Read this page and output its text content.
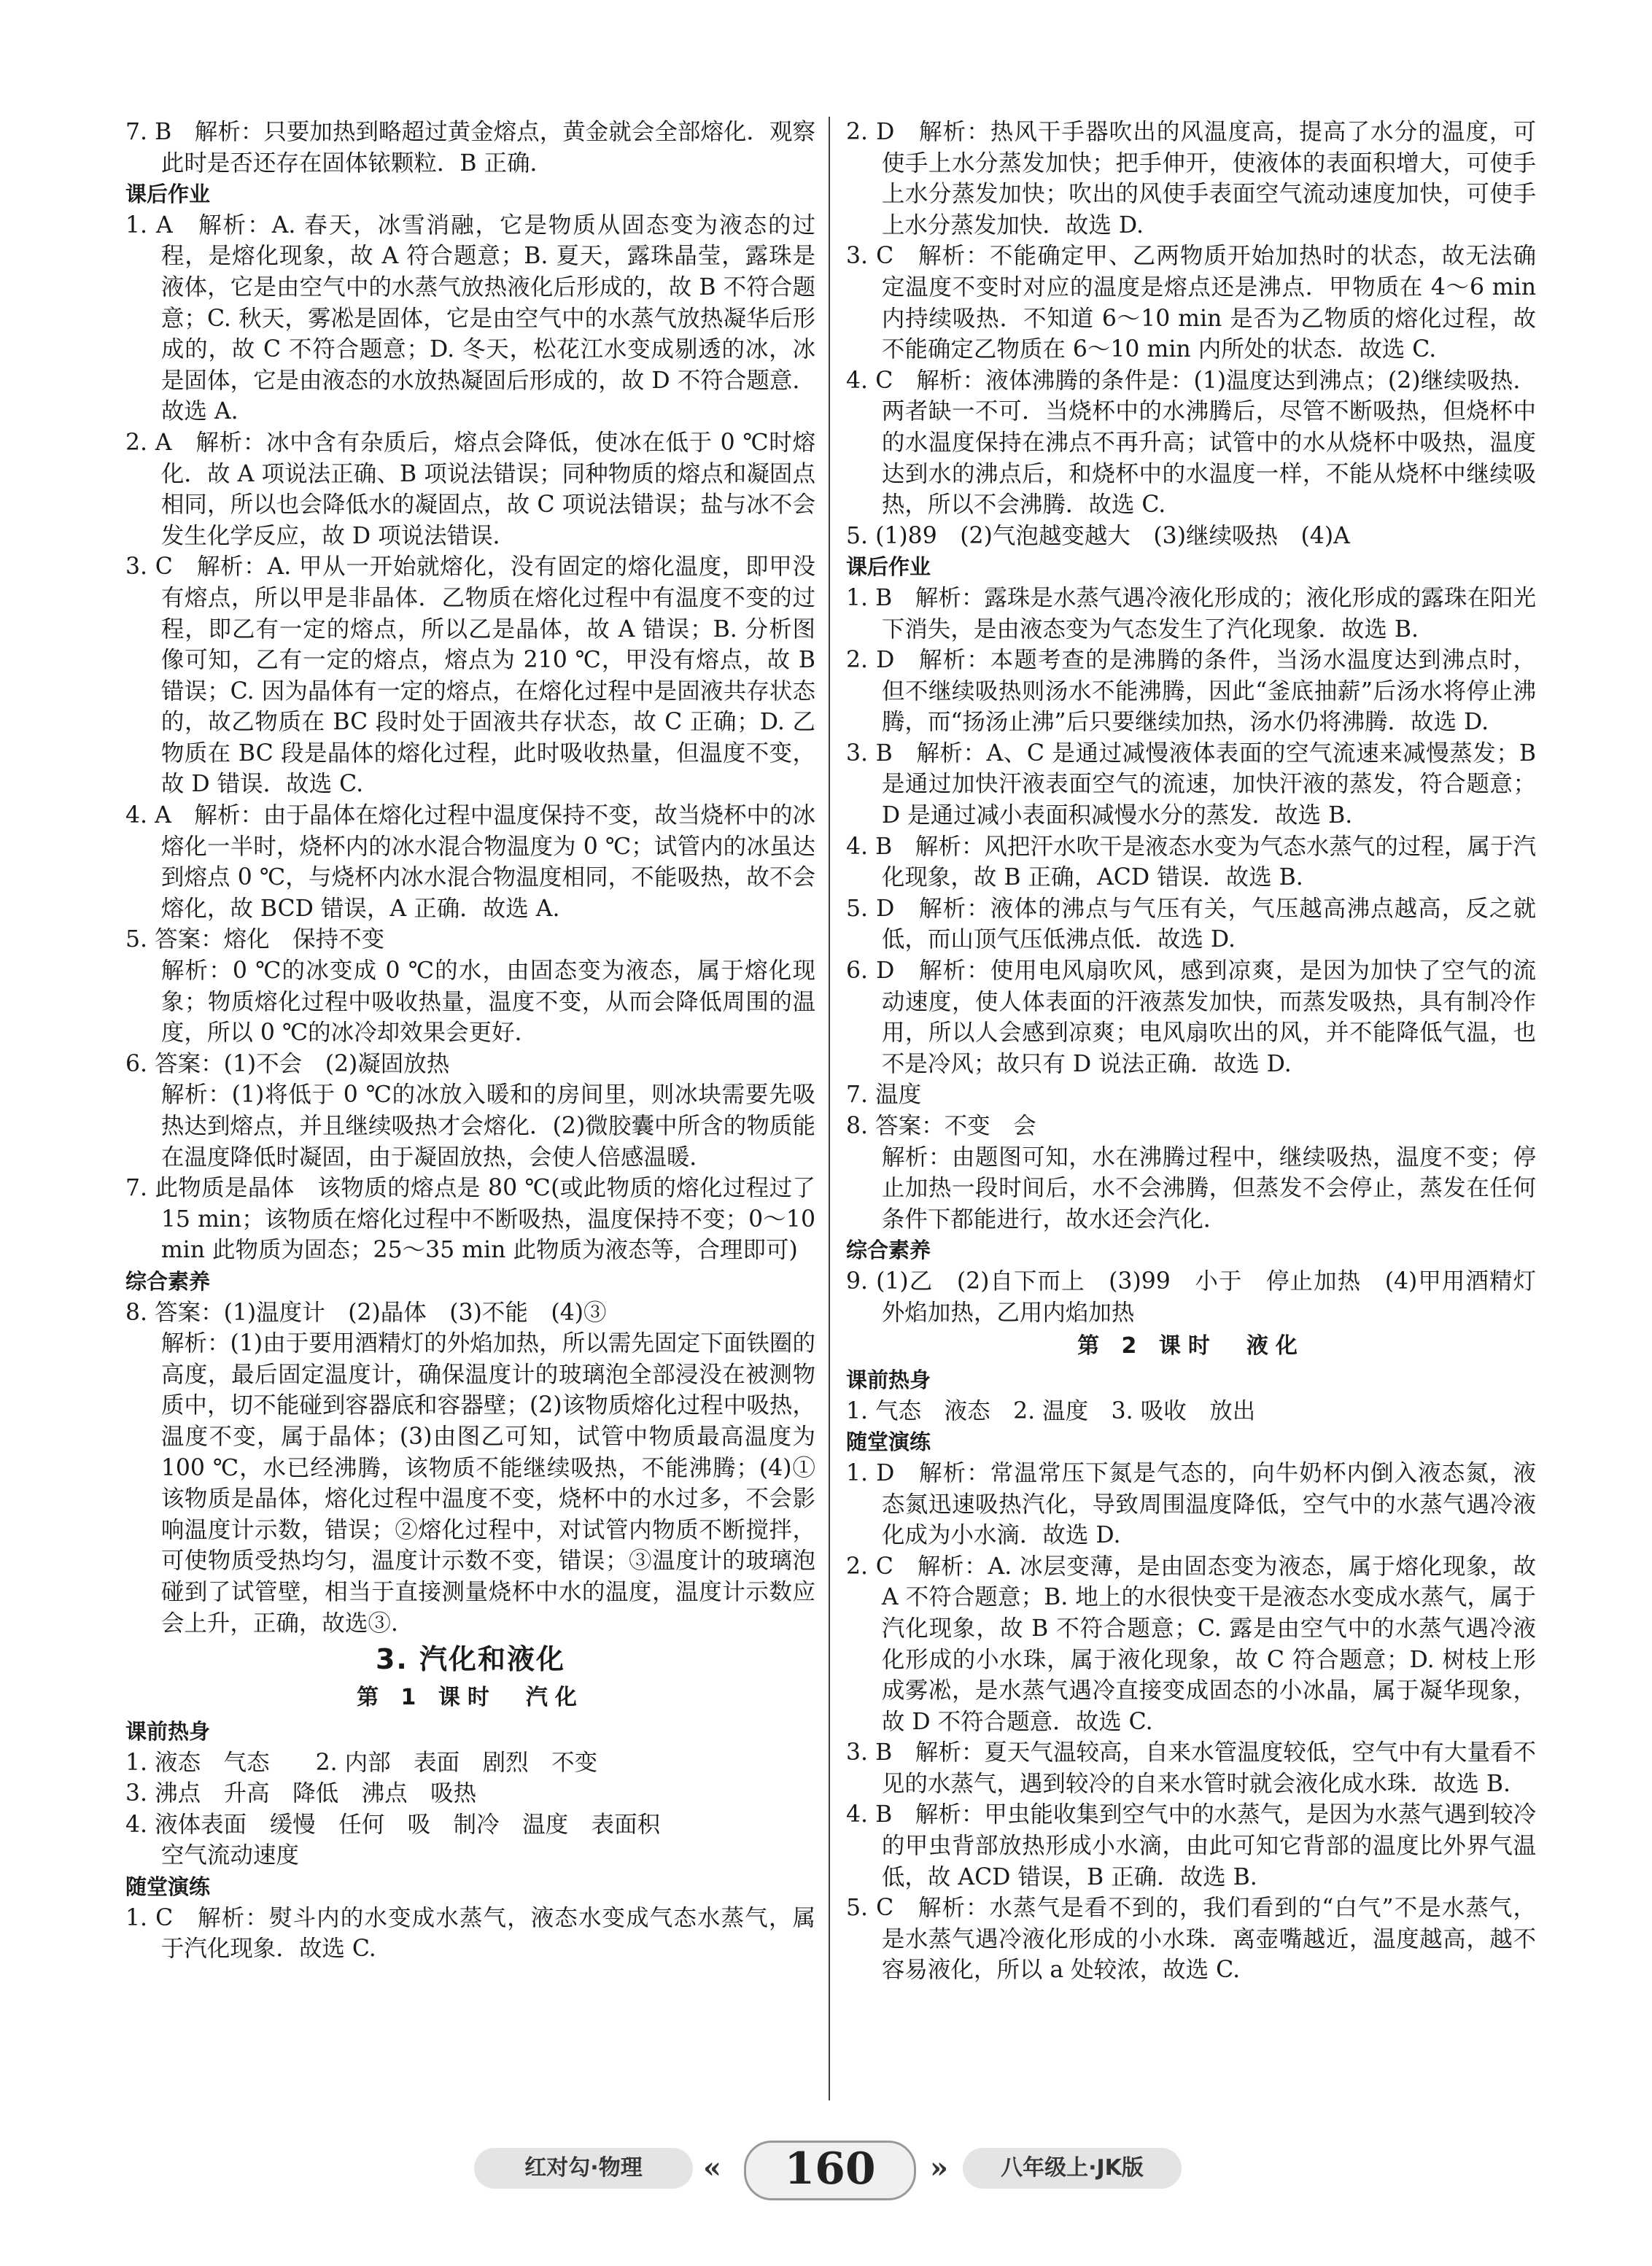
7. B　解析：只要加热到略超过黄金熔点，黄金就会全部熔化．观察此时是否还存在固体铱颗粒．B 正确．
课后作业
1. A　解析：A. 春天，冰雪消融，它是物质从固态变为液态的过程，是熔化现象，故 A 符合题意；B. 夏天，露珠晶莹，露珠是液体，它是由空气中的水蒸气放热液化后形成的，故 B 不符合题意；C. 秋天，雾凇是固体，它是由空气中的水蒸气放热凝华后形成的，故 C 不符合题意；D. 冬天，松花江水变成剔透的冰，冰是固体，它是由液态的水放热凝固后形成的，故 D 不符合题意．故选 A.
2. A　解析：冰中含有杂质后，熔点会降低，使冰在低于 0 ℃时熔化．故 A 项说法正确、B 项说法错误；同种物质的熔点和凝固点相同，所以也会降低水的凝固点，故 C 项说法错误；盐与冰不会发生化学反应，故 D 项说法错误．
3. C　解析：A. 甲从一开始就熔化，没有固定的熔化温度，即甲没有熔点，所以甲是非晶体．乙物质在熔化过程中有温度不变的过程，即乙有一定的熔点，所以乙是晶体，故 A 错误；B. 分析图像可知，乙有一定的熔点，熔点为 210 ℃，甲没有熔点，故 B 错误；C. 因为晶体有一定的熔点，在熔化过程中是固液共存状态的，故乙物质在 BC 段时处于固液共存状态，故 C 正确；D. 乙物质在 BC 段是晶体的熔化过程，此时吸收热量，但温度不变，故 D 错误．故选 C.
4. A　解析：由于晶体在熔化过程中温度保持不变，故当烧杯中的冰熔化一半时，烧杯内的冰水混合物温度为 0 ℃；试管内的冰虽达到熔点 0 ℃，与烧杯内冰水混合物温度相同，不能吸热，故不会熔化，故 BCD 错误，A 正确．故选 A.
5. 答案：熔化　保持不变
解析：0 ℃的冰变成 0 ℃的水，由固态变为液态，属于熔化现象；物质熔化过程中吸收热量，温度不变，从而会降低周围的温度，所以 0 ℃的冰冷却效果会更好．
6. 答案：(1)不会　(2)凝固放热
解析：(1)将低于 0 ℃的冰放入暖和的房间里，则冰块需要先吸热达到熔点，并且继续吸热才会熔化．(2)微胶囊中所含的物质能在温度降低时凝固，由于凝固放热，会使人倍感温暖．
7. 此物质是晶体　该物质的熔点是 80 ℃(或此物质的熔化过程过了 15 min；该物质在熔化过程中不断吸热，温度保持不变；0～10 min 此物质为固态；25～35 min 此物质为液态等，合理即可)
综合素养
8. 答案：(1)温度计　(2)晶体　(3)不能　(4)③
解析：(1)由于要用酒精灯的外焰加热，所以需先固定下面铁圈的高度，最后固定温度计，确保温度计的玻璃泡全部浸没在被测物质中，切不能碰到容器底和容器壁；(2)该物质熔化过程中吸热，温度不变，属于晶体；(3)由图乙可知，试管中物质最高温度为 100 ℃，水已经沸腾，该物质不能继续吸热，不能沸腾；(4)①该物质是晶体，熔化过程中温度不变，烧杯中的水过多，不会影响温度计示数，错误；②熔化过程中，对试管内物质不断搅拌，可使物质受热均匀，温度计示数不变，错误；③温度计的玻璃泡碰到了试管壁，相当于直接测量烧杯中水的温度，温度计示数应会上升，正确，故选③.
3. 汽化和液化
第 1 课时　汽化
课前热身
1. 液态　气态　　2. 内部　表面　剧烈　不变
3. 沸点　升高　降低　沸点　吸热
4. 液体表面　缓慢　任何　吸　制冷　温度　表面积
空气流动速度
随堂演练
1. C　解析：熨斗内的水变成水蒸气，液态水变成气态水蒸气，属于汽化现象．故选 C.
2. D　解析：热风干手器吹出的风温度高，提高了水分的温度，可使手上水分蒸发加快；把手伸开，使液体的表面积增大，可使手上水分蒸发加快；吹出的风使手表面空气流动速度加快，可使手上水分蒸发加快．故选 D.
3. C　解析：不能确定甲、乙两物质开始加热时的状态，故无法确定温度不变时对应的温度是熔点还是沸点．甲物质在 4～6 min 内持续吸热．不知道 6～10 min 是否为乙物质的熔化过程，故不能确定乙物质在 6～10 min 内所处的状态．故选 C.
4. C　解析：液体沸腾的条件是：(1)温度达到沸点；(2)继续吸热．两者缺一不可．当烧杯中的水沸腾后，尽管不断吸热，但烧杯中的水温度保持在沸点不再升高；试管中的水从烧杯中吸热，温度达到水的沸点后，和烧杯中的水温度一样，不能从烧杯中继续吸热，所以不会沸腾．故选 C.
5. (1)89　(2)气泡越变越大　(3)继续吸热　(4)A
课后作业
1. B　解析：露珠是水蒸气遇冷液化形成的；液化形成的露珠在阳光下消失，是由液态变为气态发生了汽化现象．故选 B.
2. D　解析：本题考查的是沸腾的条件，当汤水温度达到沸点时，但不继续吸热则汤水不能沸腾，因此“釜底抽薪”后汤水将停止沸腾，而“扬汤止沸”后只要继续加热，汤水仍将沸腾．故选 D.
3. B　解析：A、C 是通过减慢液体表面的空气流速来减慢蒸发；B 是通过加快汗液表面空气的流速，加快汗液的蒸发，符合题意；D 是通过减小表面积减慢水分的蒸发．故选 B.
4. B　解析：风把汗水吹干是液态水变为气态水蒸气的过程，属于汽化现象，故 B 正确，ACD 错误．故选 B.
5. D　解析：液体的沸点与气压有关，气压越高沸点越高，反之就低，而山顶气压低沸点低．故选 D.
6. D　解析：使用电风扇吹风，感到凉爽，是因为加快了空气的流动速度，使人体表面的汗液蒸发加快，而蒸发吸热，具有制冷作用，所以人会感到凉爽；电风扇吹出的风，并不能降低气温，也不是冷风；故只有 D 说法正确．故选 D.
7. 温度
8. 答案：不变　会
解析：由题图可知，水在沸腾过程中，继续吸热，温度不变；停止加热一段时间后，水不会沸腾，但蒸发不会停止，蒸发在任何条件下都能进行，故水还会汽化．
综合素养
9. (1)乙　(2)自下而上　(3)99　小于　停止加热　(4)甲用酒精灯外焰加热，乙用内焰加热
第 2 课时　液化
课前热身
1. 气态　液态　2. 温度　3. 吸收　放出
随堂演练
1. D　解析：常温常压下氮是气态的，向牛奶杯内倒入液态氮，液态氮迅速吸热汽化，导致周围温度降低，空气中的水蒸气遇冷液化成为小水滴．故选 D.
2. C　解析：A. 冰层变薄，是由固态变为液态，属于熔化现象，故 A 不符合题意；B. 地上的水很快变干是液态水变成水蒸气，属于汽化现象，故 B 不符合题意；C. 露是由空气中的水蒸气遇冷液化形成的小水珠，属于液化现象，故 C 符合题意；D. 树枝上形成雾凇，是水蒸气遇冷直接变成固态的小冰晶，属于凝华现象，故 D 不符合题意．故选 C.
3. B　解析：夏天气温较高，自来水管温度较低，空气中有大量看不见的水蒸气，遇到较冷的自来水管时就会液化成水珠．故选 B.
4. B　解析：甲虫能收集到空气中的水蒸气，是因为水蒸气遇到较冷的甲虫背部放热形成小水滴，由此可知它背部的温度比外界气温低，故 ACD 错误，B 正确．故选 B.
5. C　解析：水蒸气是看不到的，我们看到的“白气”不是水蒸气，是水蒸气遇冷液化形成的小水珠．离壶嘴越近，温度越高，越不容易液化，所以 a 处较浓，故选 C.
红对勾·物理	«	160	»	八年级上·JK版
